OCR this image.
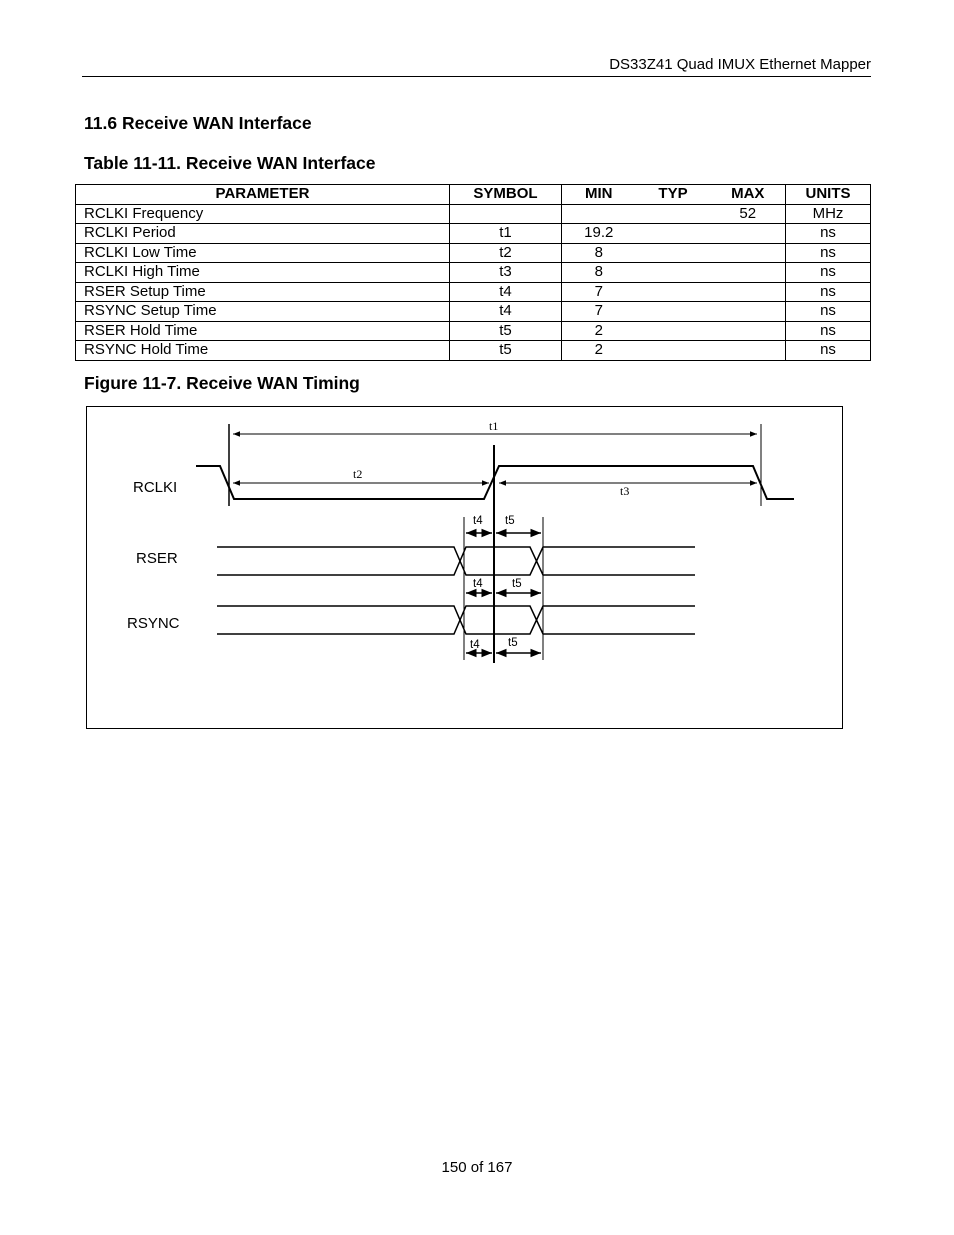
DS33Z41 Quad IMUX Ethernet Mapper
11.6 Receive WAN Interface
Table 11-11. Receive WAN Interface
PARAMETER	SYMBOL	MIN	TYP	MAX	UNITS
RCLKI Frequency				52	MHz
RCLKI Period	t1	19.2			ns
RCLKI Low Time	t2	8			ns
RCLKI High Time	t3	8			ns
RSER Setup Time	t4	7			ns
RSYNC Setup Time	t4	7			ns
RSER Hold Time	t5	2			ns
RSYNC Hold Time	t5	2			ns
Figure 11-7. Receive WAN Timing
RCLKI
RSER
RSYNC
t1
t2
t3
t4 t5
t4	t5
t4 t5
150 of 167
